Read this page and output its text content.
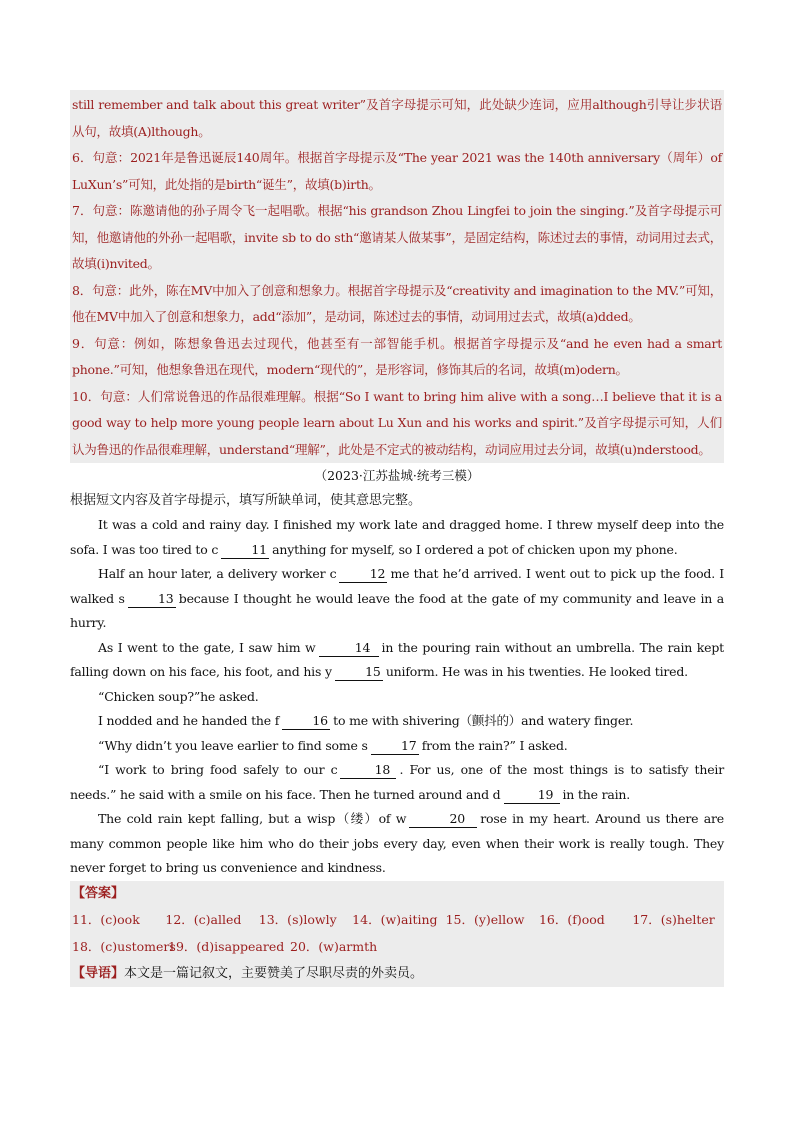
still remember and talk about this great writer”及首字母提示可知，此处缺少连词，应用although引导让步状语从句，故填(A)lthough。

6．句意：2021年是鲁迅诞辰140周年。根据首字母提示及“The year 2021 was the 140th anniversary（周年）of LuXun’s”可知，此处指的是birth“诞生”，故填(b)irth。

7．句意：陈邀请他的孙子周令飞一起唱歌。根据“his grandson Zhou Lingfei to join the singing.”及首字母提示可知，他邀请他的外孙一起唱歌，invite sb to do sth“邀请某人做某事”，是固定结构，陈述过去的事情，动词用过去式，故填(i)nvited。

8．句意：此外，陈在MV中加入了创意和想象力。根据首字母提示及“creativity and imagination to the MV.”可知，他在MV中加入了创意和想象力，add“添加”，是动词，陈述过去的事情，动词用过去式，故填(a)dded。

9．句意：例如，陈想象鲁迅去过现代，他甚至有一部智能手机。根据首字母提示及“and he even had a smart phone.”可知，他想象鲁迅在现代，modern“现代的”，是形容词，修饰其后的名词，故填(m)odern。

10．句意：人们常说鲁迅的作品很难理解。根据“So I want to bring him alive with a song…I believe that it is a good way to help more young people learn about Lu Xun and his works and spirit.”及首字母提示可知，人们认为鲁迅的作品很难理解，understand“理解”，此处是不定式的被动结构，动词应用过去分词，故填(u)nderstood。

（2023·江苏盐城·统考三模）

根据短文内容及首字母提示，填写所缺单词，使其意思完整。

It was a cold and rainy day. I finished my work late and dragged home. I threw myself deep into the sofa. I was too tired to c	11 anything for myself, so I ordered a pot of chicken upon my phone.

Half an hour later, a delivery worker c	12 me that he’d arrived. I went out to pick up the food. I walked s	13 because I thought he would leave the food at the gate of my community and leave in a hurry.

As I went to the gate, I saw him w	14 in the pouring rain without an umbrella. The rain kept falling down on his face, his foot, and his y	15 uniform. He was in his twenties. He looked tired.

“Chicken soup?”he asked.

I nodded and he handed the f	16 to me with shivering（颤抖的）and watery finger.

“Why didn’t you leave earlier to find some s	17 from the rain?” I asked.

“I work to bring food safely to our c	18 . For us, one of the most things is to satisfy their needs.” he said with a smile on his face. Then he turned around and d	19 in the rain.

The cold rain kept falling, but a wisp（缕）of w	20 rose in my heart. Around us there are many common people like him who do their jobs every day, even when their work is really tough. They never forget to bring us convenience and kindness.

【答案】
11．(c)ook	12．(c)alled	13．(s)lowly	14．(w)aiting 15．(y)ellow	16．(f)ood	17．(s)helter
18．(c)ustomers
19．(d)isappeared 20．(w)armth

【导语】本文是一篇记叙文，主要赞美了尽职尽责的外卖员。
